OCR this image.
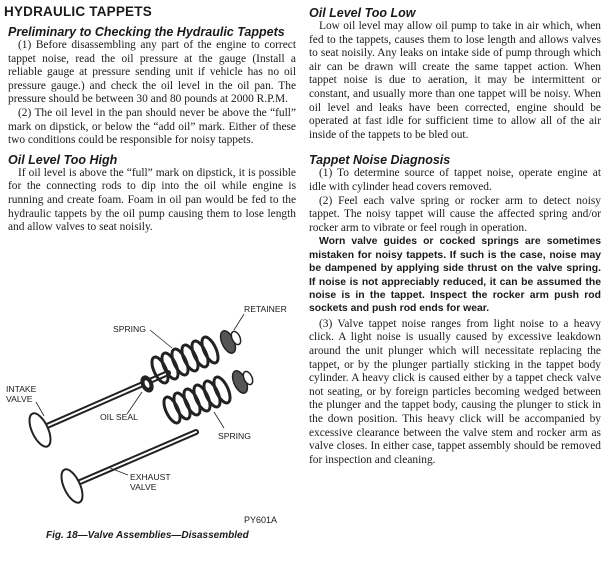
HYDRAULIC TAPPETS
Preliminary to Checking the Hydraulic Tappets

(1) Before disassembling any part of the engine to correct tappet noise, read the oil pressure at the gauge (Install a reliable gauge at pressure sending unit if vehicle has no oil pressure gauge.) and check the oil level in the oil pan. The pressure should be between 30 and 80 pounds at 2000 R.P.M.

(2) The oil level in the pan should never be above the “full” mark on dipstick, or below the “add oil” mark. Either of these two conditions could be responsible for noisy tappets.

Oil Level Too High

If oil level is above the “full” mark on dipstick, it is possible for the connecting rods to dip into the oil while engine is running and create foam. Foam in oil pan would be fed to the hydraulic tappets by the oil pump causing them to lose length and allow valves to seat noisily.

SPRING
RETAINER
INTAKE
VALVE
OIL SEAL
SPRING
EXHAUST
VALVE
PY601A
Fig. 18—Valve Assemblies—Disassembled
Oil Level Too Low

Low oil level may allow oil pump to take in air which, when fed to the tappets, causes them to lose length and allows valves to seat noisily. Any leaks on intake side of pump through which air can be drawn will create the same tappet action. When tappet noise is due to aeration, it may be intermittent or constant, and usually more than one tappet will be noisy. When oil level and leaks have been corrected, engine should be operated at fast idle for sufficient time to allow all of the air inside of the tappets to be bled out.

Tappet Noise Diagnosis

(1) To determine source of tappet noise, operate engine at idle with cylinder head covers removed.

(2) Feel each valve spring or rocker arm to detect noisy tappet. The noisy tappet will cause the affected spring and/or rocker arm to vibrate or feel rough in operation.

Worn valve guides or cocked springs are sometimes mistaken for noisy tappets. If such is the case, noise may be dampened by applying side thrust on the valve spring. If noise is not appreciably reduced, it can be assumed the noise is in the tappet. Inspect the rocker arm push rod sockets and push rod ends for wear.

(3) Valve tappet noise ranges from light noise to a heavy click. A light noise is usually caused by excessive leakdown around the unit plunger which will necessitate replacing the tappet, or by the plunger partially sticking in the tappet body cylinder. A heavy click is caused either by a tappet check valve not seating, or by foreign particles becoming wedged between the plunger and the tappet body, causing the plunger to stick in the down position. This heavy click will be accompanied by excessive clearance between the valve stem and rocker arm as valve closes. In either case, tappet assembly should be removed for inspection and cleaning.
